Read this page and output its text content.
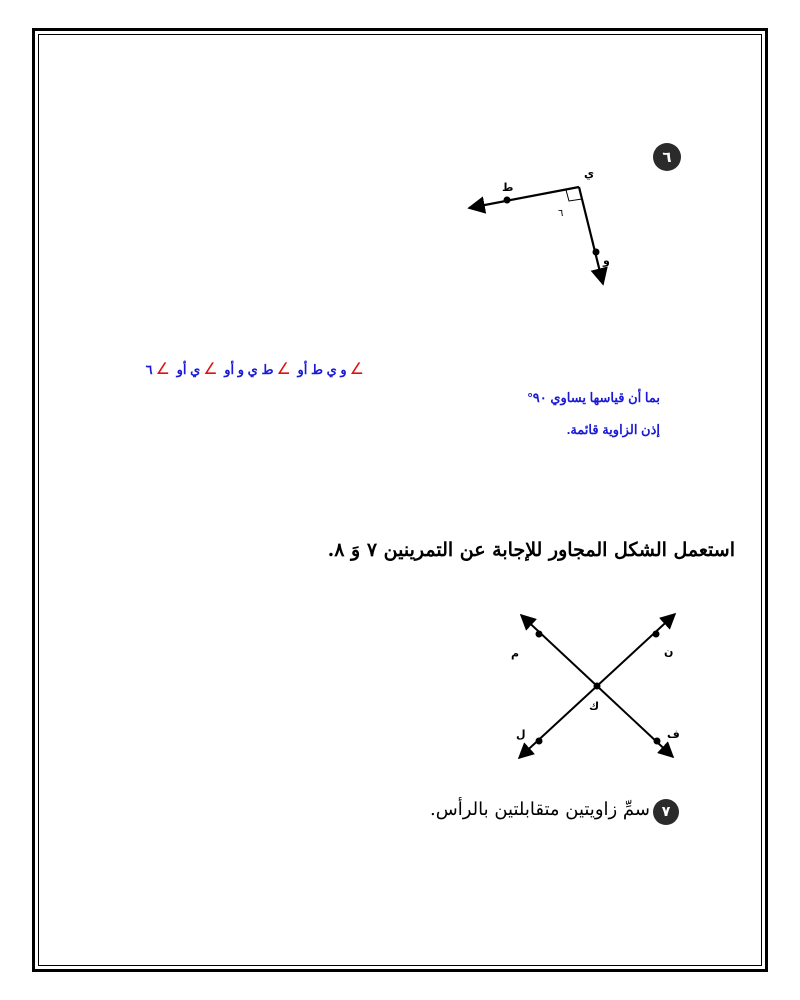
٦
ي
ط
و
٦
∠و ي ط أو ∠ط ي و أو ∠ي أو ∠٦
بما أن قياسها يساوي ٩٠°
إذن الزاوية قائمة.
استعمل الشكل المجاور للإجابة عن التمرينين ٧ وَ ٨.
م	ن
ك
ل	ف
٧
سمِّ زاويتين متقابلتين بالرأس.
